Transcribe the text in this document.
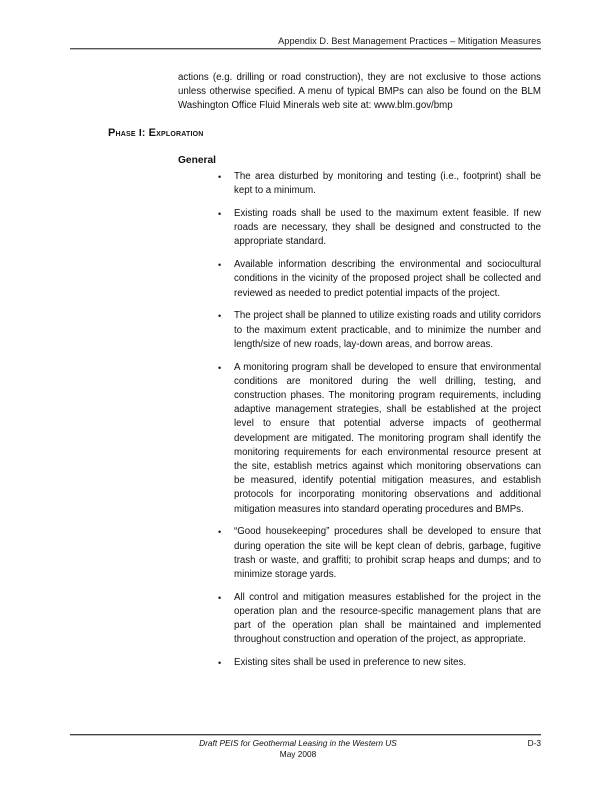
Appendix D. Best Management Practices – Mitigation Measures

actions (e.g. drilling or road construction), they are not exclusive to those actions unless otherwise specified. A menu of typical BMPs can also be found on the BLM Washington Office Fluid Minerals web site at: www.blm.gov/bmp

Phase I: Exploration
General
• The area disturbed by monitoring and testing (i.e., footprint) shall be kept to a minimum.
• Existing roads shall be used to the maximum extent feasible. If new roads are necessary, they shall be designed and constructed to the appropriate standard.
• Available information describing the environmental and sociocultural conditions in the vicinity of the proposed project shall be collected and reviewed as needed to predict potential impacts of the project.
• The project shall be planned to utilize existing roads and utility corridors to the maximum extent practicable, and to minimize the number and length/size of new roads, lay-down areas, and borrow areas.
• A monitoring program shall be developed to ensure that environmental conditions are monitored during the well drilling, testing, and construction phases. The monitoring program requirements, including adaptive management strategies, shall be established at the project level to ensure that potential adverse impacts of geothermal development are mitigated. The monitoring program shall identify the monitoring requirements for each environmental resource present at the site, establish metrics against which monitoring observations can be measured, identify potential mitigation measures, and establish protocols for incorporating monitoring observations and additional mitigation measures into standard operating procedures and BMPs.
• “Good housekeeping” procedures shall be developed to ensure that during operation the site will be kept clean of debris, garbage, fugitive trash or waste, and graffiti; to prohibit scrap heaps and dumps; and to minimize storage yards.
• All control and mitigation measures established for the project in the operation plan and the resource-specific management plans that are part of the operation plan shall be maintained and implemented throughout construction and operation of the project, as appropriate.
• Existing sites shall be used in preference to new sites.
Draft PEIS for Geothermal Leasing in the Western US
May 2008
D-3
